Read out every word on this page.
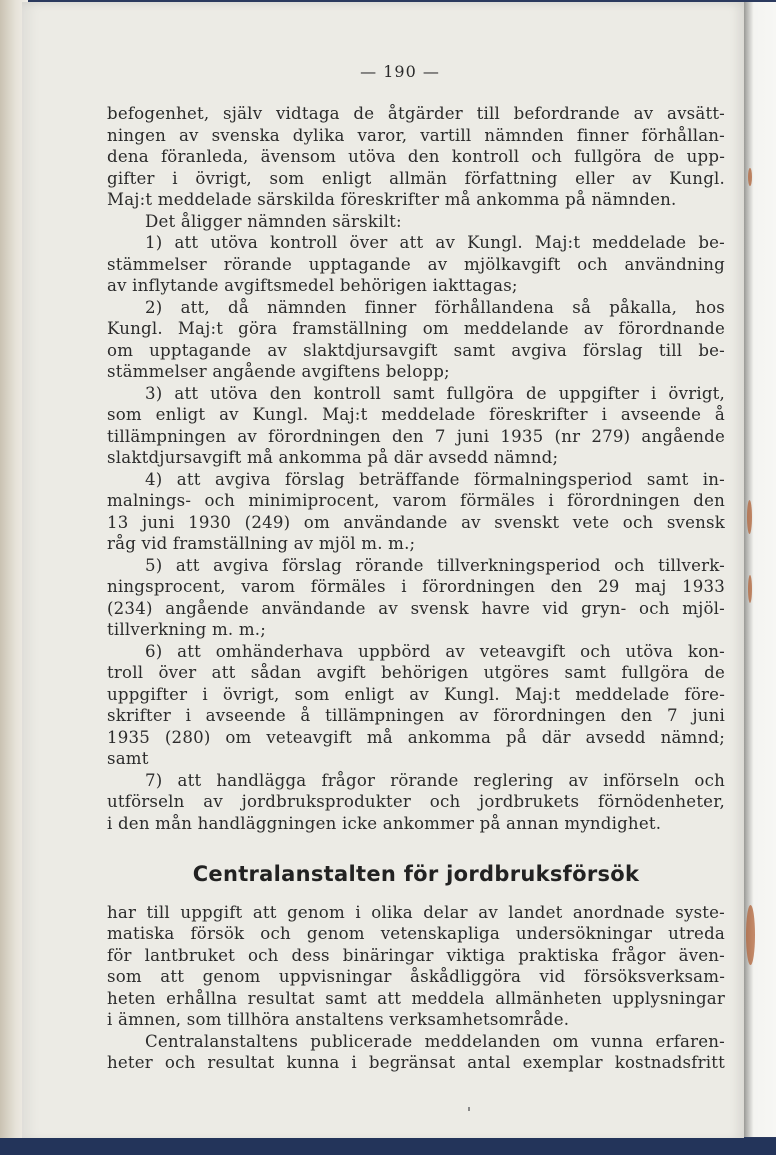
— 190 —

befogenhet, själv vidtaga de åtgärder till befordrande av avsätt-

ningen av svenska dylika varor, vartill nämnden finner förhållan-

dena föranleda, ävensom utöva den kontroll och fullgöra de upp-

gifter i övrigt, som enligt allmän författning eller av Kungl.

Maj:t meddelade särskilda föreskrifter må ankomma på nämnden.

Det åligger nämnden särskilt:

1) att utöva kontroll över att av Kungl. Maj:t meddelade be-

stämmelser rörande upptagande av mjölkavgift och användning

av inflytande avgiftsmedel behörigen iakttagas;

2) att, då nämnden finner förhållandena så påkalla, hos

Kungl. Maj:t göra framställning om meddelande av förordnande

om upptagande av slaktdjursavgift samt avgiva förslag till be-

stämmelser angående avgiftens belopp;

3) att utöva den kontroll samt fullgöra de uppgifter i övrigt,

som enligt av Kungl. Maj:t meddelade föreskrifter i avseende å

tillämpningen av förordningen den 7 juni 1935 (nr 279) angående

slaktdjursavgift må ankomma på där avsedd nämnd;

4) att avgiva förslag beträffande förmalningsperiod samt in-

malnings- och minimiprocent, varom förmäles i förordningen den

13 juni 1930 (249) om användande av svenskt vete och svensk

råg vid framställning av mjöl m. m.;

5) att avgiva förslag rörande tillverkningsperiod och tillverk-

ningsprocent, varom förmäles i förordningen den 29 maj 1933

(234) angående användande av svensk havre vid gryn- och mjöl-

tillverkning m. m.;

6) att omhänderhava uppbörd av veteavgift och utöva kon-

troll över att sådan avgift behörigen utgöres samt fullgöra de

uppgifter i övrigt, som enligt av Kungl. Maj:t meddelade före-

skrifter i avseende å tillämpningen av förordningen den 7 juni

1935 (280) om veteavgift må ankomma på där avsedd nämnd;

samt

7) att handlägga frågor rörande reglering av införseln och

utförseln av jordbruksprodukter och jordbrukets förnödenheter,

i den mån handläggningen icke ankommer på annan myndighet.

Centralanstalten för jordbruksförsök

har till uppgift att genom i olika delar av landet anordnade syste-

matiska försök och genom vetenskapliga undersökningar utreda

för lantbruket och dess binäringar viktiga praktiska frågor även-

som att genom uppvisningar åskådliggöra vid försöksverksam-

heten erhållna resultat samt att meddela allmänheten upplysningar

i ämnen, som tillhöra anstaltens verksamhetsområde.

Centralanstaltens publicerade meddelanden om vunna erfaren-

heter och resultat kunna i begränsat antal exemplar kostnadsfritt
